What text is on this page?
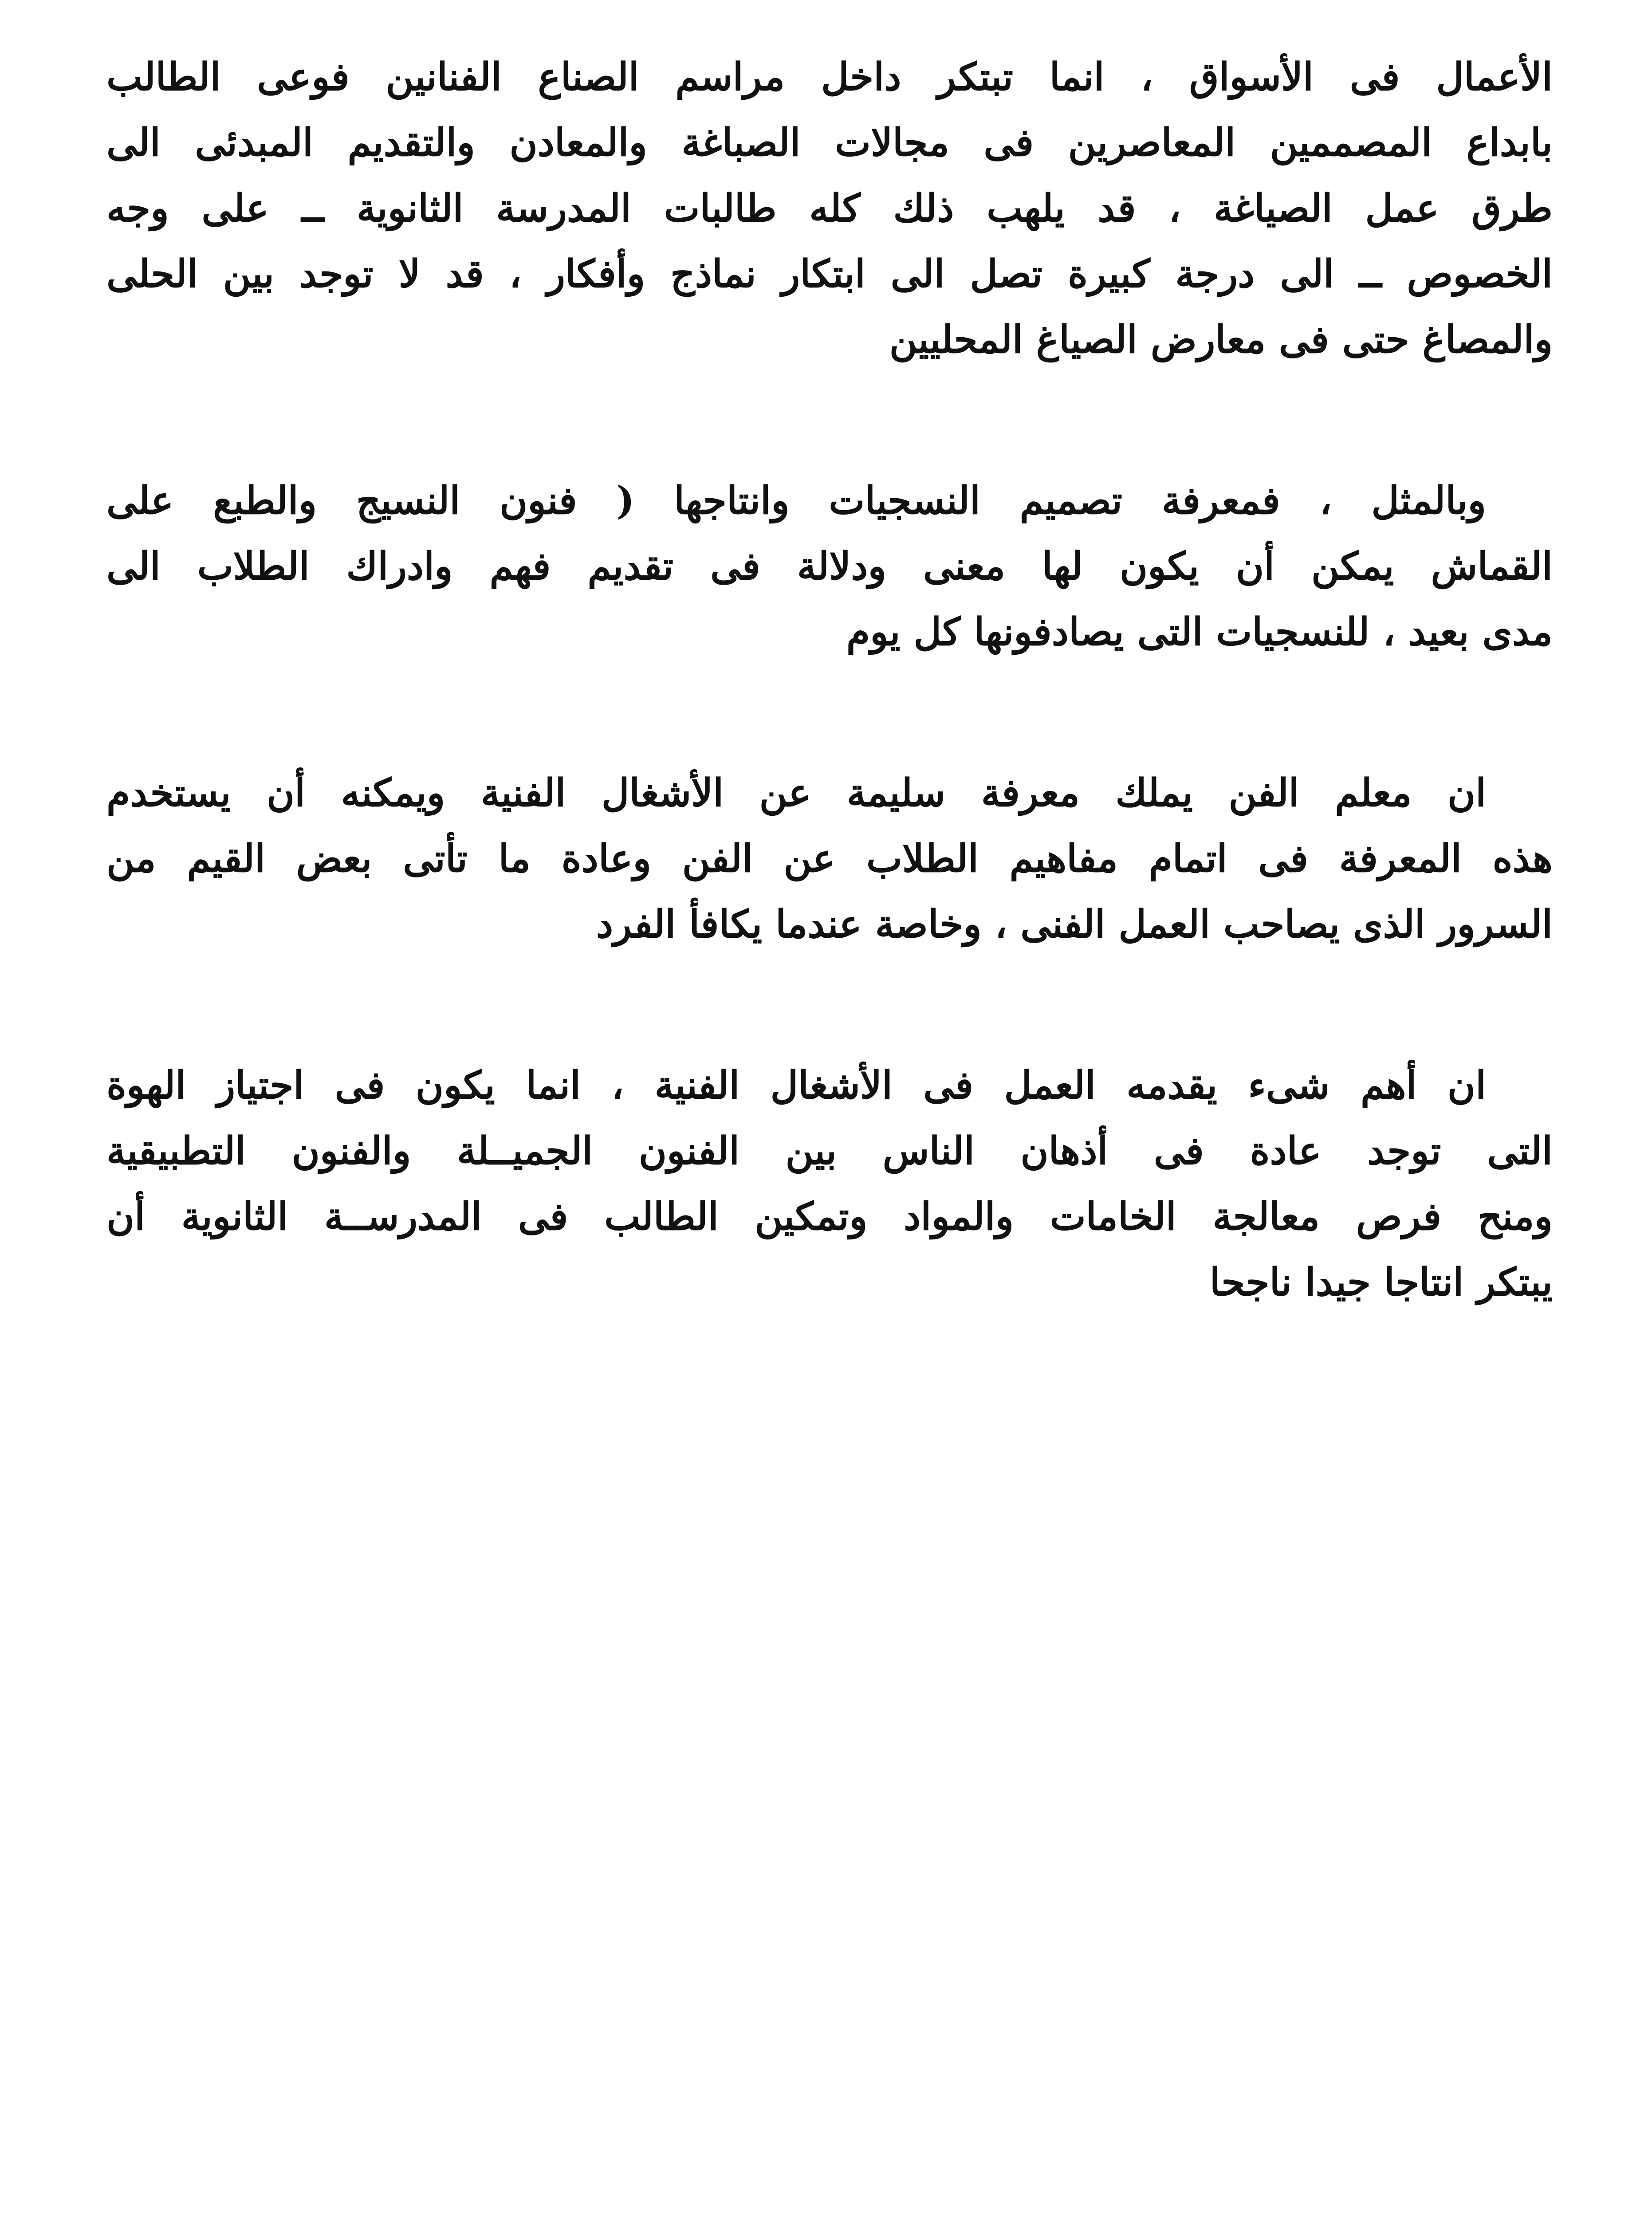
الأعمال فى الأسواق ، انما تبتكر داخل مراسم الصناع الفنانين فوعى الطالب
بابداع المصممين المعاصرين فى مجالات الصباغة والمعادن والتقديم المبدئى الى
طرق عمل الصياغة ، قد يلهب ذلك كله طالبات المدرسة الثانوية ــ على وجه
الخصوص ــ الى درجة كبيرة تصل الى ابتكار نماذج وأفكار ، قد لا توجد بين الحلى
والمصاغ حتى فى معارض الصياغ المحليين

وبالمثل ، فمعرفة تصميم النسجيات وانتاجها ( فنون النسيج والطبع على
القماش يمكن أن يكون لها معنى ودلالة فى تقديم فهم وادراك الطلاب الى
مدى بعيد ، للنسجيات التى يصادفونها كل يوم

ان معلم الفن يملك معرفة سليمة عن الأشغال الفنية ويمكنه أن يستخدم
هذه المعرفة فى اتمام مفاهيم الطلاب عن الفن وعادة ما تأتى بعض القيم من
السرور الذى يصاحب العمل الفنى ، وخاصة عندما يكافأ الفرد

ان أهم شىء يقدمه العمل فى الأشغال الفنية ، انما يكون فى اجتياز الهوة
التى توجد عادة فى أذهان الناس بين الفنون الجميــلة والفنون التطبيقية
ومنح فرص معالجة الخامات والمواد وتمكين الطالب فى المدرســة الثانوية أن
يبتكر انتاجا جيدا ناجحا
